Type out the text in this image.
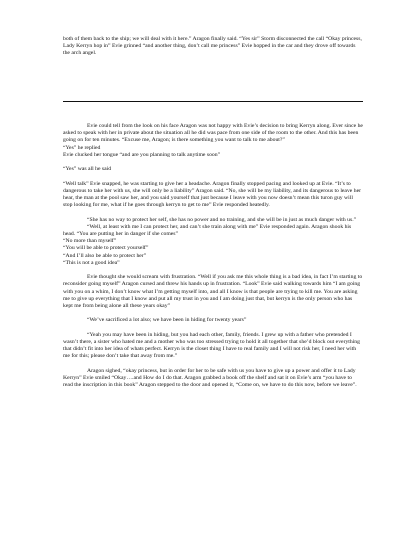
both of them back to the ship; we will deal with it here.” Aragon finally said. “Yes sir” Storm disconnected the call “Okay princess, Lady Kerryn hop in” Evie grinned “and another thing, don’t call me princess” Evie hopped in the car and they drove off towards the arch angel.

Evie could tell from the look on his face Aragon was not happy with Evie’s decision to bring Kerryn along. Ever since he asked to speak with her in private about the situation all he did was pace from one side of the room to the other. And this has been going on for ten minutes. “Excuse me, Aragon; is there something you want to talk to me about?”

“Yes” he replied

Evie clucked her tongue “and are you planning to talk anytime soon”

“Yes” was all he said

“Well talk” Evie snapped, he was starting to give her a headache. Aragon finally stopped pacing and looked up at Evie. “It’s to dangerous to take her with us, she will only be a liability” Aragon said. “No, she will be my liability, and its dangerous to leave her hear, the man at the pool saw her, and you said yourself that just because I leave with you now doesn’t mean this turon guy will stop looking for me, what if he goes through kerryn to get to me” Evie responded heatedly.

“She has no way to protect her self, she has no power and no training, and she will be in just as much danger with us.”

“Well, at least with me I can protect her, and can’t she train along with me” Evie responded again. Aragon shook his head. “You are putting her in danger if she comes”

“No more than myself”

“You will be able to protect yourself”

“And I’ll also be able to protect her”

“This is not a good idea”

Evie thought she would scream with frustration. “Well if you ask me this whole thing is a bad idea, in fact I’m starting to reconsider going myself” Aragon cursed and threw his hands up in frustration. “Look” Evie said walking towards him “I am going with you on a whim, I don’t know what I’m getting myself into, and all I know is that people are trying to kill me. You are asking me to give up everything that I know and put all my trust in you and I am doing just that, but kerryn is the only person who has kept me from being alone all these years okay”

“We’ve sacrificed a lot also; we have been in hiding for twenty years”

“Yeah you may have been in hiding, but you had each other, family, friends. I grew up with a father who pretended I wasn’t there, a sister who hated me and a mother who was too stressed trying to hold it all together that she’d block out everything that didn’t fit into her idea of whats perfect. Kerryn is the closet thing I have to real family and I will not risk her, I need her with me for this; please don’t take that away from me.”

Aragon sighed, “okay princess, but in order for her to be safe with us you have to give up a power and offer it to Lady Kerryn” Evie smiled “Okay….and How do I do that. Aragon grabbed a book off the shelf and sat it on Evie’s arm “you have to read the inscription in this book” Aragon stepped to the door and opened it, “Come on, we have to do this now, before we leave”.
